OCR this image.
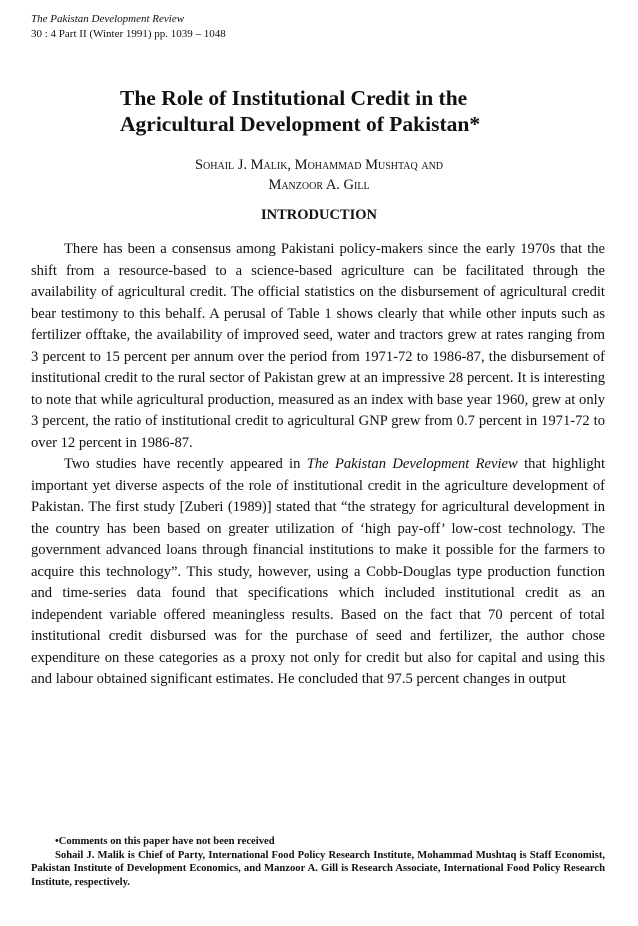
The Pakistan Development Review
30 : 4 Part II (Winter 1991) pp. 1039 – 1048
The Role of Institutional Credit in the
Agricultural Development of Pakistan*
Sohail J. Malik, Mohammad Mushtaq and
Manzoor A. Gill
INTRODUCTION

There has been a consensus among Pakistani policy-makers since the early 1970s that the shift from a resource-based to a science-based agriculture can be facilitated through the availability of agricultural credit. The official statistics on the disbursement of agricultural credit bear testimony to this behalf. A perusal of Table 1 shows clearly that while other inputs such as fertilizer offtake, the availability of improved seed, water and tractors grew at rates ranging from 3 percent to 15 percent per annum over the period from 1971-72 to 1986-87, the disbursement of institutional credit to the rural sector of Pakistan grew at an impressive 28 percent. It is interesting to note that while agricultural production, measured as an index with base year 1960, grew at only 3 percent, the ratio of institutional credit to agricultural GNP grew from 0.7 percent in 1971-72 to over 12 percent in 1986-87.

Two studies have recently appeared in The Pakistan Development Review that highlight important yet diverse aspects of the role of institutional credit in the agriculture development of Pakistan. The first study [Zuberi (1989)] stated that “the strategy for agricultural development in the country has been based on greater utilization of ‘high pay-off’ low-cost technology. The government advanced loans through financial institutions to make it possible for the farmers to acquire this technology”. This study, however, using a Cobb-Douglas type production function and time-series data found that specifications which included institutional credit as an independent variable offered meaningless results. Based on the fact that 70 percent of total institutional credit disbursed was for the purchase of seed and fertilizer, the author chose expenditure on these categories as a proxy not only for credit but also for capital and using this and labour obtained significant estimates. He concluded that 97.5 percent changes in output

•Comments on this paper have not been received

Sohail J. Malik is Chief of Party, International Food Policy Research Institute, Mohammad Mushtaq is Staff Economist, Pakistan Institute of Development Economics, and Manzoor A. Gill is Research Associate, International Food Policy Research Institute, respectively.
